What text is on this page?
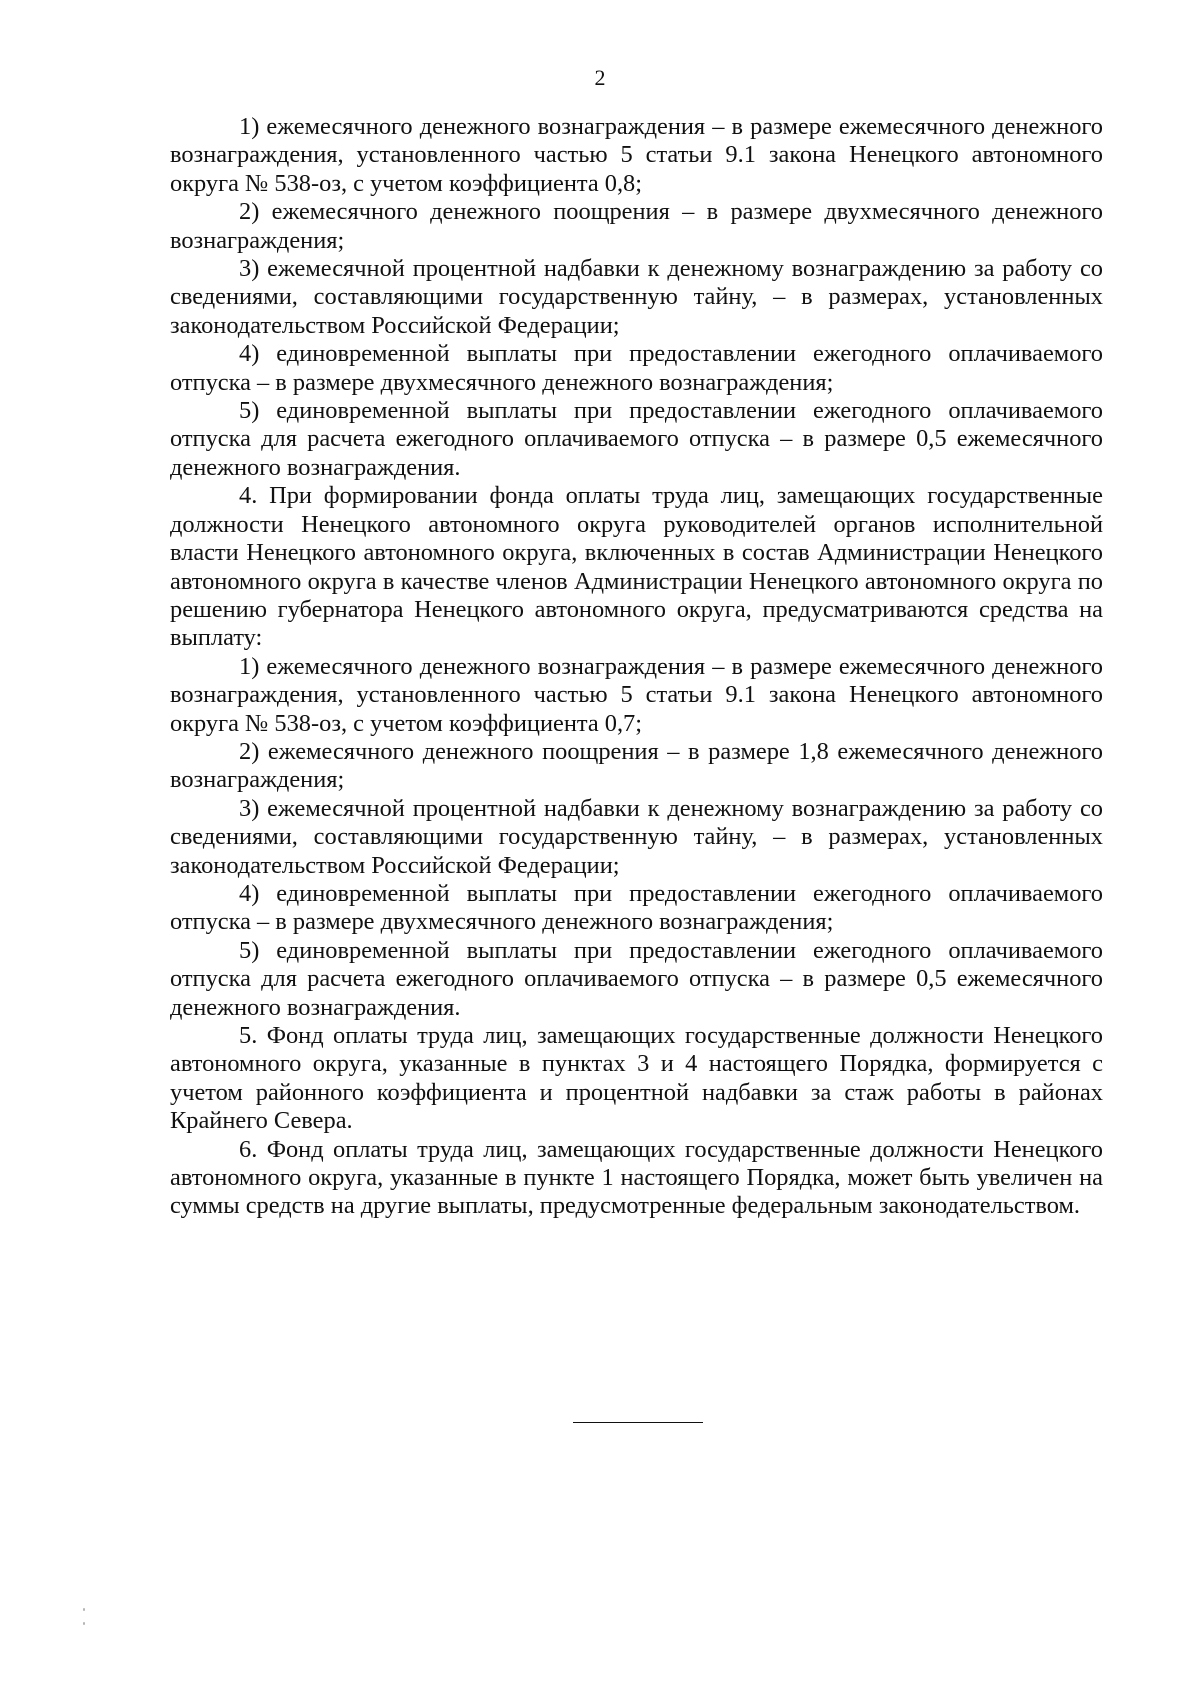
2

1) ежемесячного денежного вознаграждения – в размере ежемесячного денежного вознаграждения, установленного частью 5 статьи 9.1 закона Ненецкого автономного округа № 538-оз, с учетом коэффициента 0,8;

2) ежемесячного денежного поощрения – в размере двухмесячного денежного вознаграждения;

3) ежемесячной процентной надбавки к денежному вознаграждению за работу со сведениями, составляющими государственную тайну, – в размерах, установленных законодательством Российской Федерации;

4) единовременной выплаты при предоставлении ежегодного оплачиваемого отпуска – в размере двухмесячного денежного вознаграждения;

5) единовременной выплаты при предоставлении ежегодного оплачиваемого отпуска для расчета ежегодного оплачиваемого отпуска – в размере 0,5 ежемесячного денежного вознаграждения.

4. При формировании фонда оплаты труда лиц, замещающих государственные должности Ненецкого автономного округа руководителей органов исполнительной власти Ненецкого автономного округа, включенных в состав Администрации Ненецкого автономного округа в качестве членов Администрации Ненецкого автономного округа по решению губернатора Ненецкого автономного округа, предусматриваются средства на выплату:

1) ежемесячного денежного вознаграждения – в размере ежемесячного денежного вознаграждения, установленного частью 5 статьи 9.1 закона Ненецкого автономного округа № 538-оз, с учетом коэффициента 0,7;

2) ежемесячного денежного поощрения – в размере 1,8 ежемесячного денежного вознаграждения;

3) ежемесячной процентной надбавки к денежному вознаграждению за работу со сведениями, составляющими государственную тайну, – в размерах, установленных законодательством Российской Федерации;

4) единовременной выплаты при предоставлении ежегодного оплачиваемого отпуска – в размере двухмесячного денежного вознаграждения;

5) единовременной выплаты при предоставлении ежегодного оплачиваемого отпуска для расчета ежегодного оплачиваемого отпуска – в размере 0,5 ежемесячного денежного вознаграждения.

5. Фонд оплаты труда лиц, замещающих государственные должности Ненецкого автономного округа, указанные в пунктах 3 и 4 настоящего Порядка, формируется с учетом районного коэффициента и процентной надбавки за стаж работы в районах Крайнего Севера.

6. Фонд оплаты труда лиц, замещающих государственные должности Ненецкого автономного округа, указанные в пункте 1 настоящего Порядка, может быть увеличен на суммы средств на другие выплаты, предусмотренные федеральным законодательством.
